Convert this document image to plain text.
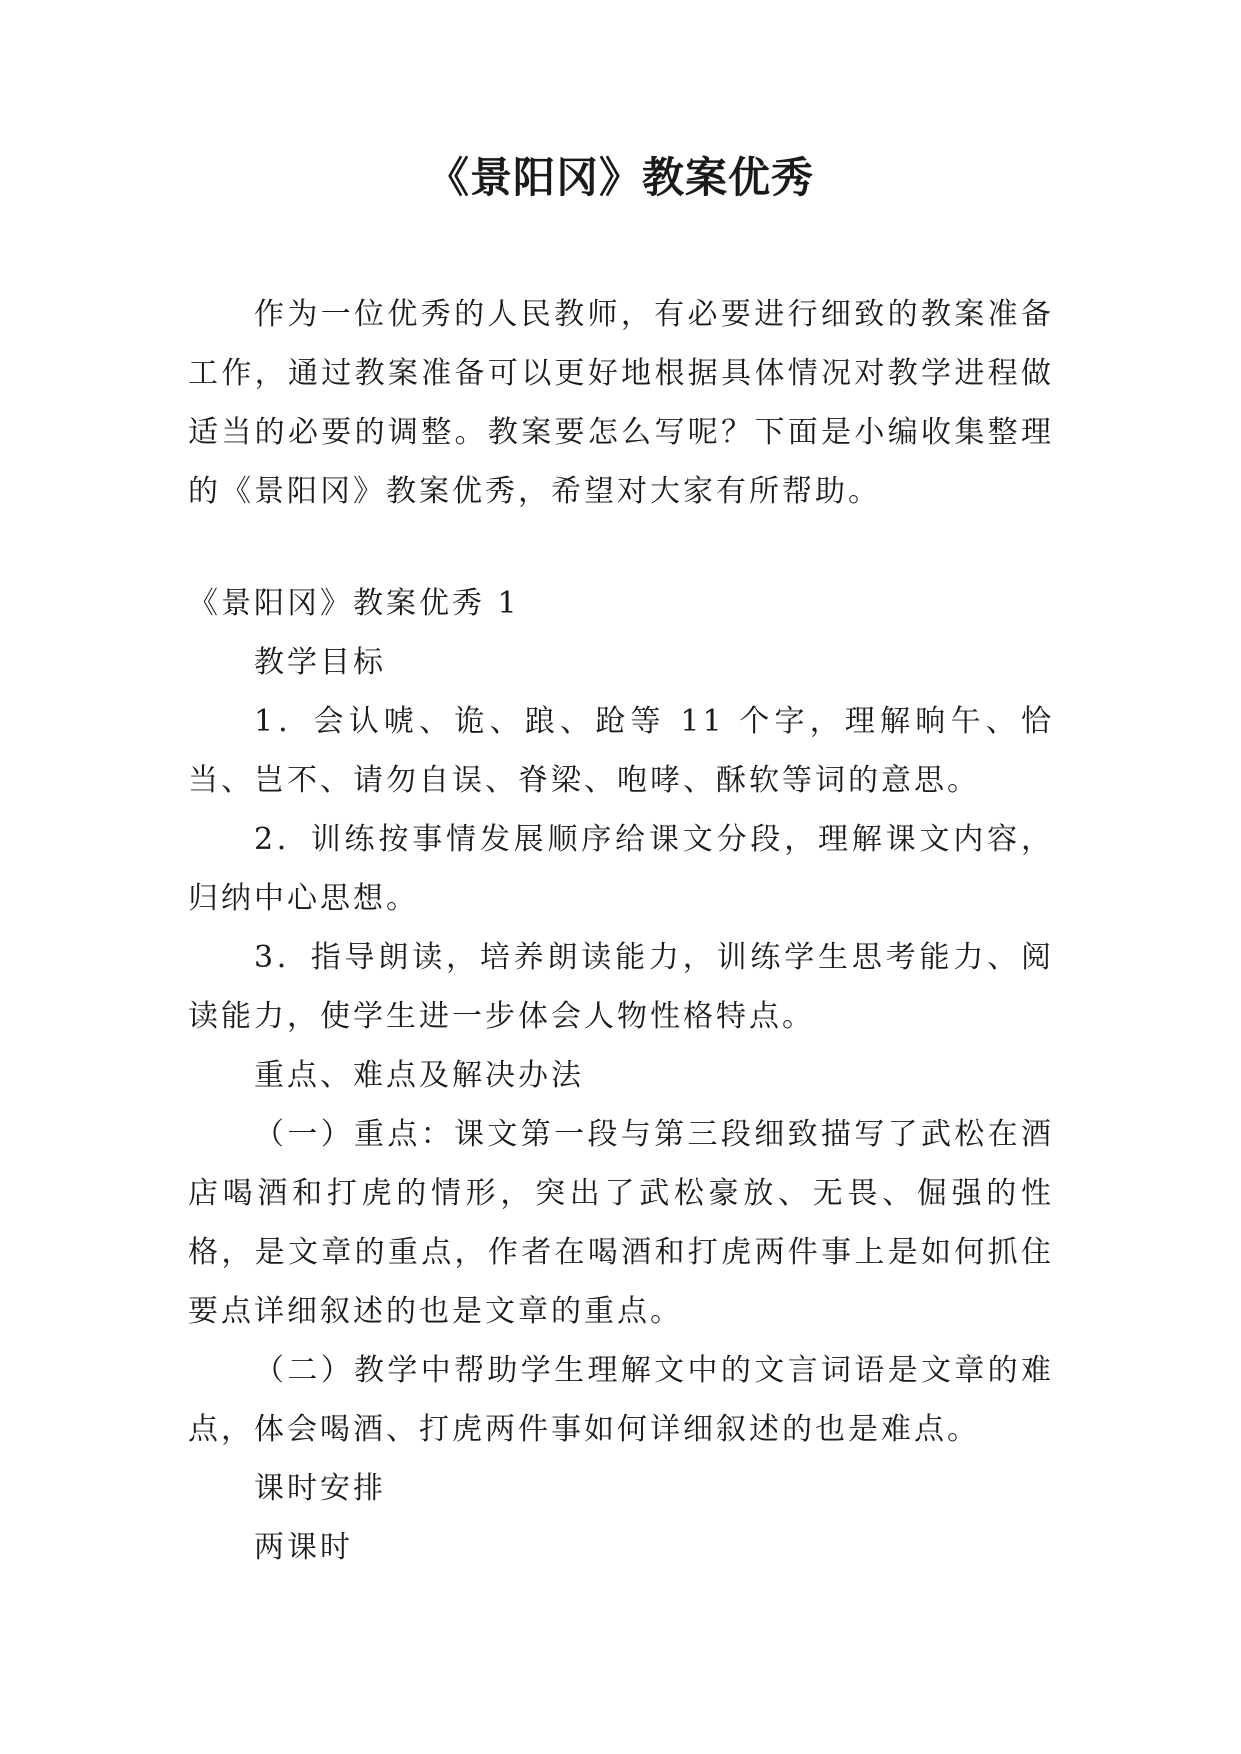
《景阳冈》教案优秀

作为一位优秀的人民教师，有必要进行细致的教案准备工作，通过教案准备可以更好地根据具体情况对教学进程做适当的必要的调整。教案要怎么写呢？下面是小编收集整理的《景阳冈》教案优秀，希望对大家有所帮助。

《景阳冈》教案优秀 1

教学目标

1．会认唬、诡、踉、跄等 11 个字，理解晌午、恰当、岂不、请勿自误、脊梁、咆哮、酥软等词的意思。

2．训练按事情发展顺序给课文分段，理解课文内容，归纳中心思想。

3．指导朗读，培养朗读能力，训练学生思考能力、阅读能力，使学生进一步体会人物性格特点。

重点、难点及解决办法

（一）重点：课文第一段与第三段细致描写了武松在酒店喝酒和打虎的情形，突出了武松豪放、无畏、倔强的性格，是文章的重点，作者在喝酒和打虎两件事上是如何抓住要点详细叙述的也是文章的重点。

（二）教学中帮助学生理解文中的文言词语是文章的难点，体会喝酒、打虎两件事如何详细叙述的也是难点。

课时安排

两课时
